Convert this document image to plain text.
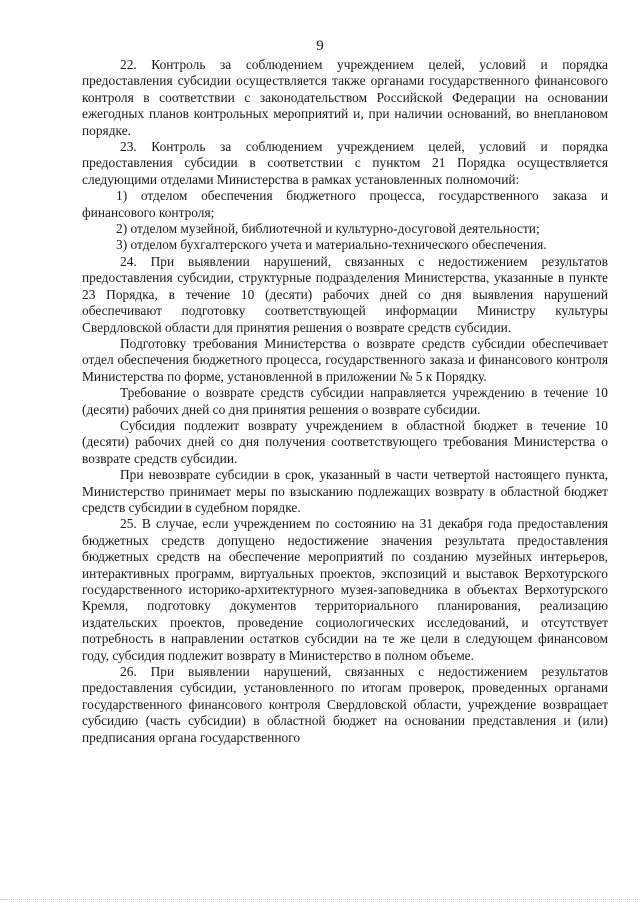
9

22. Контроль за соблюдением учреждением целей, условий и порядка предоставления субсидии осуществляется также органами государственного финансового контроля в соответствии с законодательством Российской Федерации на основании ежегодных планов контрольных мероприятий и, при наличии оснований, во внеплановом порядке.

23. Контроль за соблюдением учреждением целей, условий и порядка предоставления субсидии в соответствии с пунктом 21 Порядка осуществляется следующими отделами Министерства в рамках установленных полномочий:

1) отделом обеспечения бюджетного процесса, государственного заказа и финансового контроля;

2) отделом музейной, библиотечной и культурно-досуговой деятельности;

3) отделом бухгалтерского учета и материально-технического обеспечения.

24. При выявлении нарушений, связанных с недостижением результатов предоставления субсидии, структурные подразделения Министерства, указанные в пункте 23 Порядка, в течение 10 (десяти) рабочих дней со дня выявления нарушений обеспечивают подготовку соответствующей информации Министру культуры Свердловской области для принятия решения о возврате средств субсидии.

Подготовку требования Министерства о возврате средств субсидии обеспечивает отдел обеспечения бюджетного процесса, государственного заказа и финансового контроля Министерства по форме, установленной в приложении № 5 к Порядку.

Требование о возврате средств субсидии направляется учреждению в течение 10 (десяти) рабочих дней со дня принятия решения о возврате субсидии.

Субсидия подлежит возврату учреждением в областной бюджет в течение 10 (десяти) рабочих дней со дня получения соответствующего требования Министерства о возврате средств субсидии.

При невозврате субсидии в срок, указанный в части четвертой настоящего пункта, Министерство принимает меры по взысканию подлежащих возврату в областной бюджет средств субсидии в судебном порядке.

25. В случае, если учреждением по состоянию на 31 декабря года предоставления бюджетных средств допущено недостижение значения результата предоставления бюджетных средств на обеспечение мероприятий по созданию музейных интерьеров, интерактивных программ, виртуальных проектов, экспозиций и выставок Верхотурского государственного историко-архитектурного музея-заповедника в объектах Верхотурского Кремля, подготовку документов территориального планирования, реализацию издательских проектов, проведение социологических исследований, и отсутствует потребность в направлении остатков субсидии на те же цели в следующем финансовом году, субсидия подлежит возврату в Министерство в полном объеме.

26. При выявлении нарушений, связанных с недостижением результатов предоставления субсидии, установленного по итогам проверок, проведенных органами государственного финансового контроля Свердловской области, учреждение возвращает субсидию (часть субсидии) в областной бюджет на основании представления и (или) предписания органа государственного
